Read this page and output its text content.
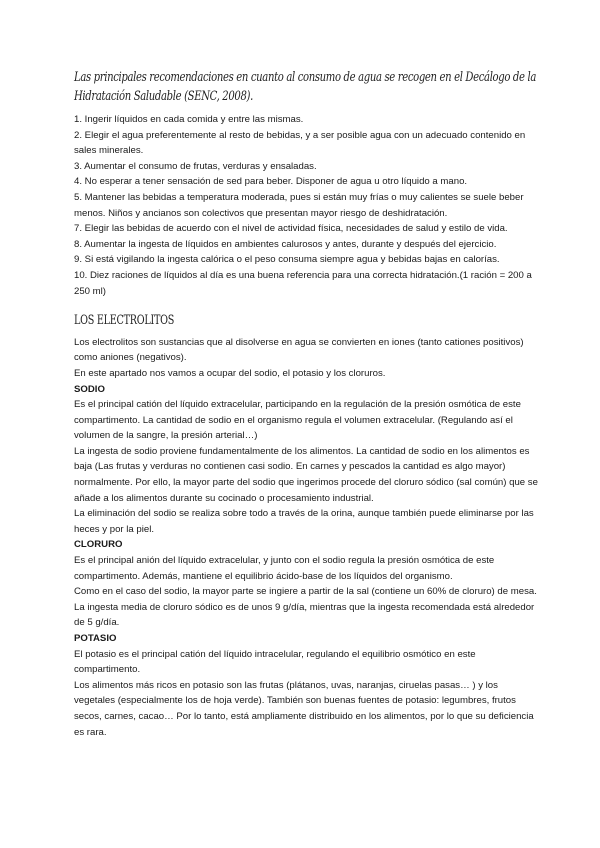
Las principales recomendaciones en cuanto al consumo de agua se recogen en el Decálogo de la Hidratación Saludable (SENC, 2008).
1. Ingerir líquidos en cada comida y entre las mismas.
2. Elegir el agua preferentemente al resto de bebidas, y a ser posible agua con un adecuado contenido en sales minerales.
3. Aumentar el consumo de frutas, verduras y ensaladas.
4. No esperar a tener sensación de sed para beber. Disponer de agua u otro líquido a mano.
5. Mantener las bebidas a temperatura moderada, pues si están muy frías o muy calientes se suele beber menos. Niños y ancianos son colectivos que presentan mayor riesgo de deshidratación.
7. Elegir las bebidas de acuerdo con el nivel de actividad física, necesidades de salud y estilo de vida.
8. Aumentar la ingesta de líquidos en ambientes calurosos y antes, durante y después del ejercicio.
9. Si está vigilando la ingesta calórica o el peso consuma siempre agua y bebidas bajas en calorías.
10. Diez raciones de líquidos al día es una buena referencia para una correcta hidratación.(1 ración = 200 a 250 ml)
LOS ELECTROLITOS

Los electrolitos son sustancias que al disolverse en agua se convierten en iones (tanto cationes positivos) como aniones (negativos).

En este apartado nos vamos a ocupar del sodio, el potasio y los cloruros.

SODIO

Es el principal catión del líquido extracelular, participando en la regulación de la presión osmótica de este compartimento. La cantidad de sodio en el organismo regula el volumen extracelular. (Regulando así el volumen de la sangre, la presión arterial…)

La ingesta de sodio proviene fundamentalmente de los alimentos. La cantidad de sodio en los alimentos es baja (Las frutas y verduras no contienen casi sodio. En carnes y pescados la cantidad es algo mayor) normalmente. Por ello, la mayor parte del sodio que ingerimos procede del cloruro sódico (sal común) que se añade a los alimentos durante su cocinado o procesamiento industrial.

La eliminación del sodio se realiza sobre todo a través de la orina, aunque también puede eliminarse por las heces y por la piel.

CLORURO

Es el principal anión del líquido extracelular, y junto con el sodio regula la presión osmótica de este compartimento. Además, mantiene el equilibrio ácido-base de los líquidos del organismo.

Como en el caso del sodio, la mayor parte se ingiere a partir de la sal (contiene un 60% de cloruro) de mesa. La ingesta media de cloruro sódico es de unos 9 g/día, mientras que la ingesta recomendada está alrededor de 5 g/día.

POTASIO

El potasio es el principal catión del líquido intracelular, regulando el equilibrio osmótico en este compartimento.

Los alimentos más ricos en potasio son las frutas (plátanos, uvas, naranjas, ciruelas pasas… ) y los vegetales (especialmente los de hoja verde). También son buenas fuentes de potasio: legumbres, frutos secos, carnes, cacao… Por lo tanto, está ampliamente distribuido en los alimentos, por lo que su deficiencia es rara.
